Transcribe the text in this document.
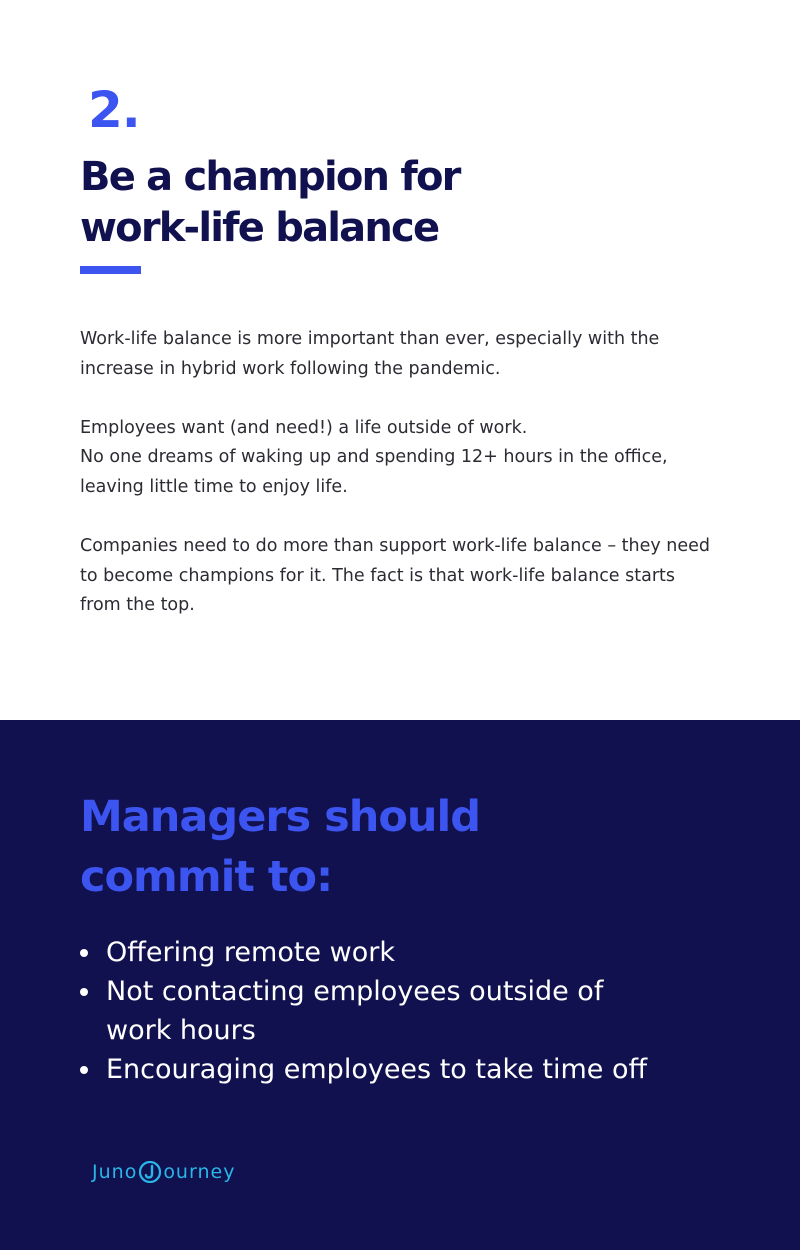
2.
Be a champion for
work-life balance

Work-life balance is more important than ever, especially with the
increase in hybrid work following the pandemic.

Employees want (and need!) a life outside of work.
No one dreams of waking up and spending 12+ hours in the office,
leaving little time to enjoy life.

Companies need to do more than support work-life balance – they need
to become champions for it. The fact is that work-life balance starts
from the top.

Managers should
commit to:
Offering remote work
Not contacting employees outside of
work hours
Encouraging employees to take time off
Juno ourney
